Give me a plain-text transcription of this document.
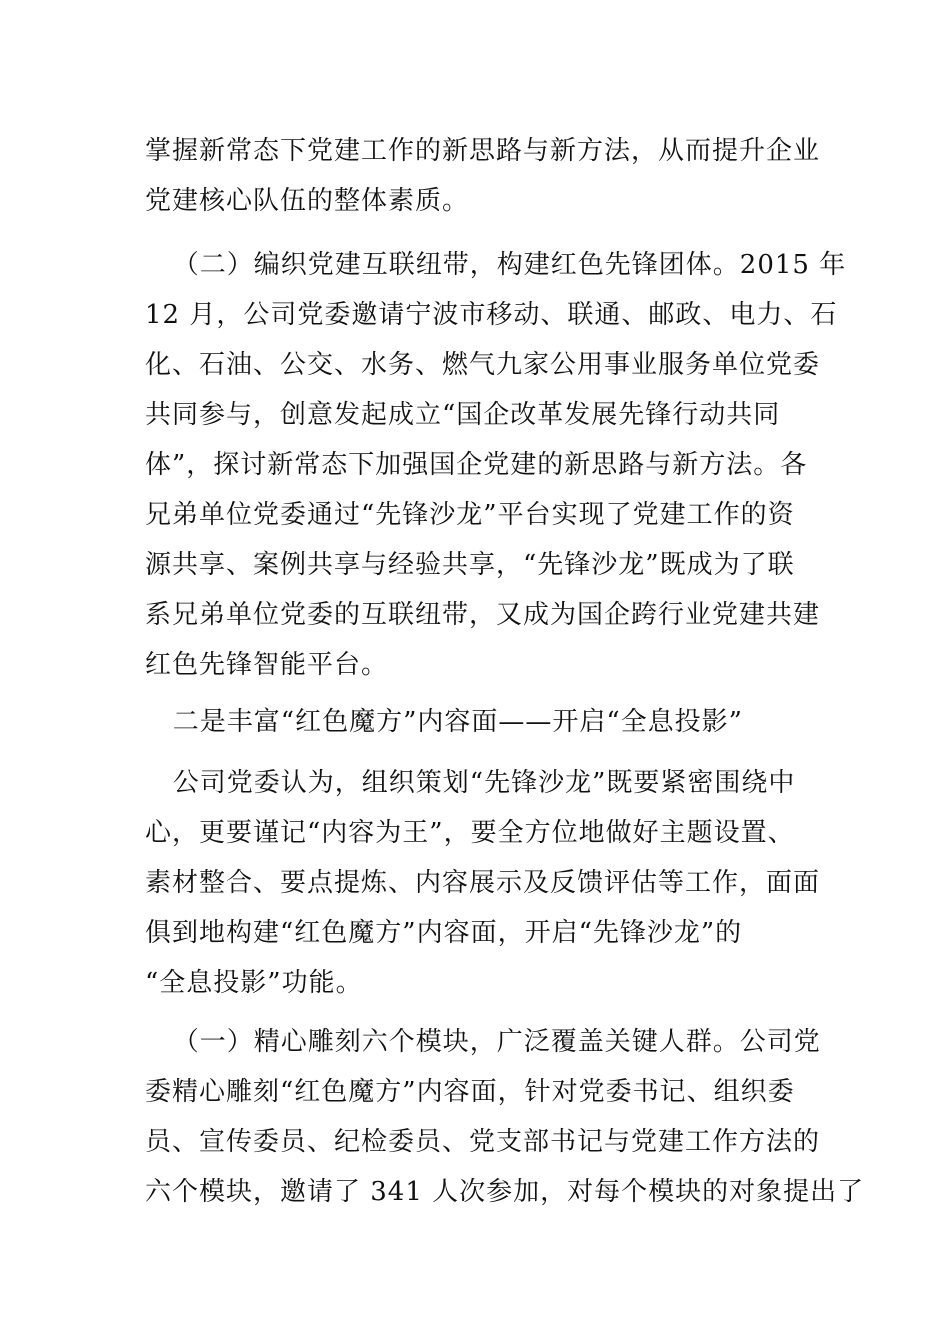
掌握新常态下党建工作的新思路与新方法，从而提升企业
党建核心队伍的整体素质。
（二）编织党建互联纽带，构建红色先锋团体。2015 年
12 月，公司党委邀请宁波市移动、联通、邮政、电力、石
化、石油、公交、水务、燃气九家公用事业服务单位党委
共同参与，创意发起成立“国企改革发展先锋行动共同
体”，探讨新常态下加强国企党建的新思路与新方法。各
兄弟单位党委通过“先锋沙龙”平台实现了党建工作的资
源共享、案例共享与经验共享，“先锋沙龙”既成为了联
系兄弟单位党委的互联纽带，又成为国企跨行业党建共建
红色先锋智能平台。
二是丰富“红色魔方”内容面——开启“全息投影”
公司党委认为，组织策划“先锋沙龙”既要紧密围绕中
心，更要谨记“内容为王”，要全方位地做好主题设置、
素材整合、要点提炼、内容展示及反馈评估等工作，面面
俱到地构建“红色魔方”内容面，开启“先锋沙龙”的
“全息投影”功能。
（一）精心雕刻六个模块，广泛覆盖关键人群。公司党
委精心雕刻“红色魔方”内容面，针对党委书记、组织委
员、宣传委员、纪检委员、党支部书记与党建工作方法的
六个模块，邀请了 341 人次参加，对每个模块的对象提出了
